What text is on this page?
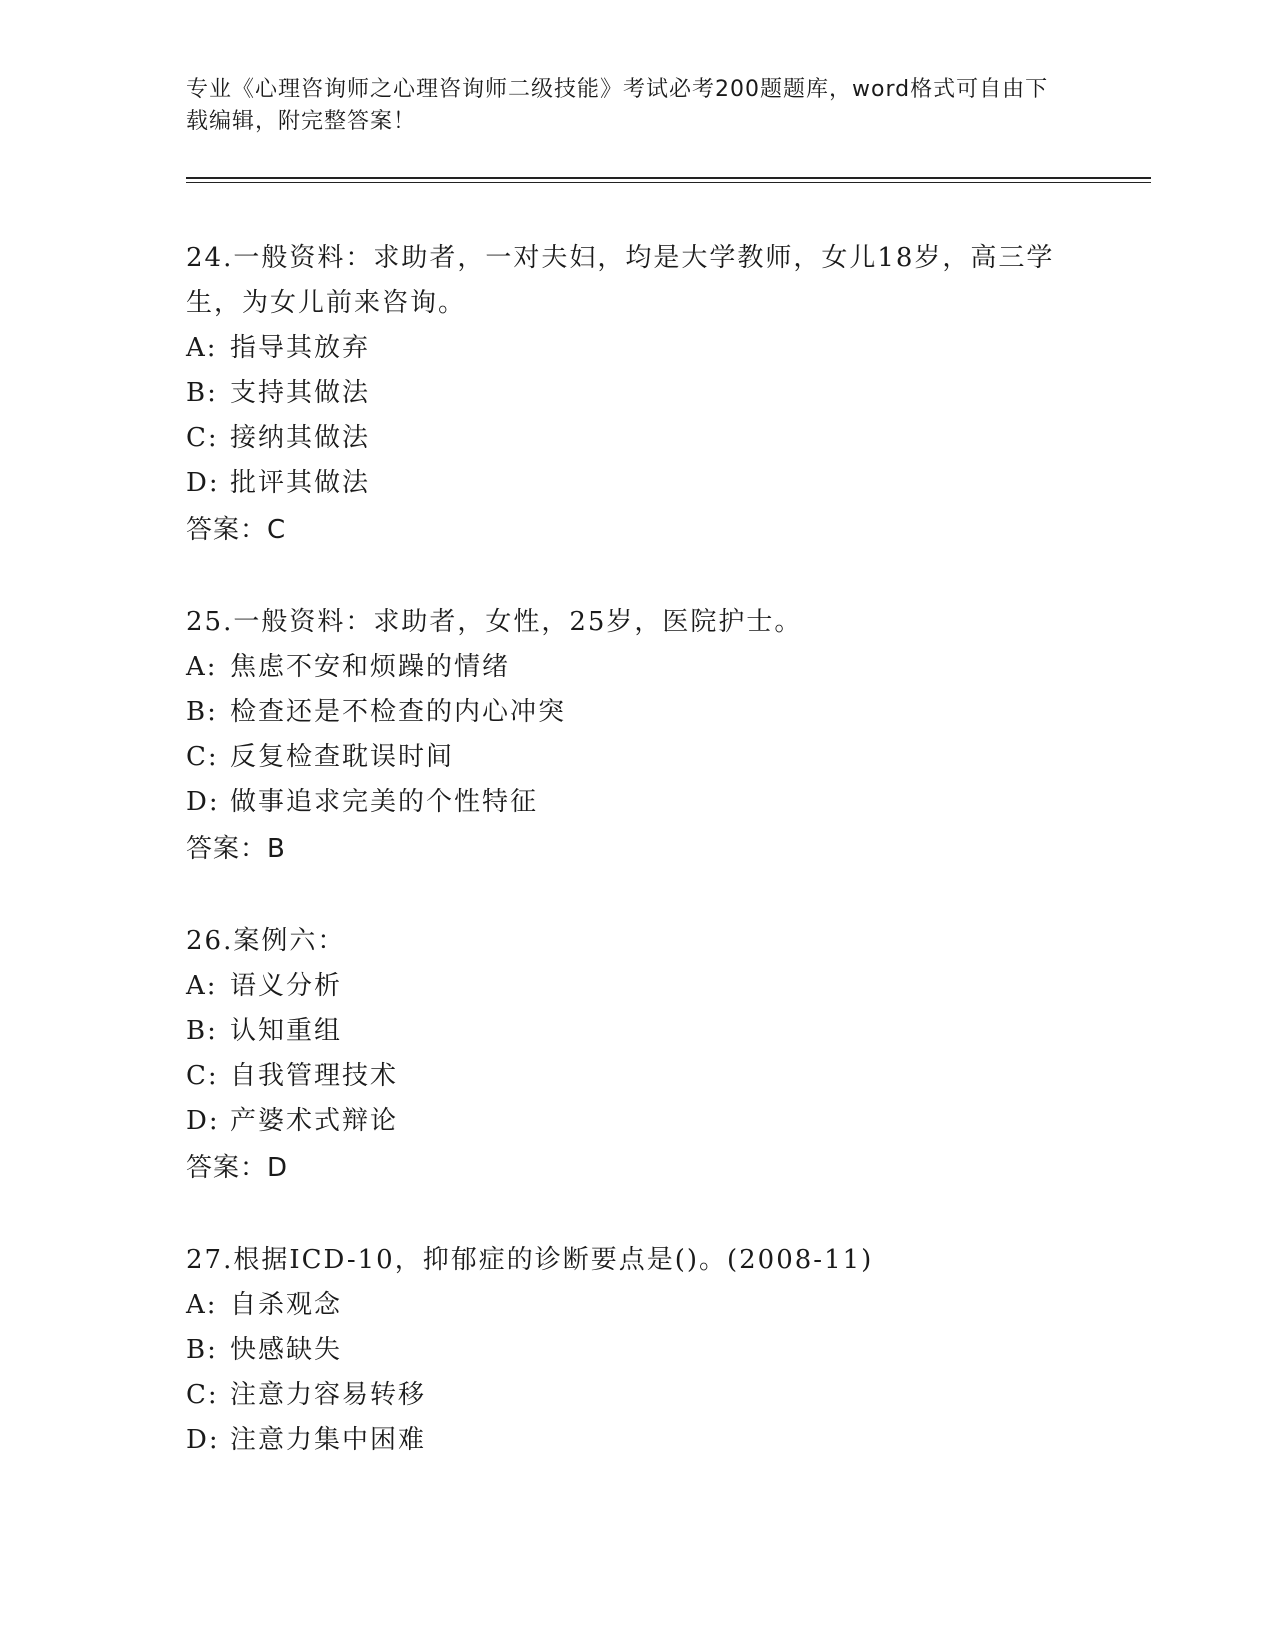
专业《心理咨询师之心理咨询师二级技能》考试必考200题题库，word格式可自由下载编辑，附完整答案！
24.一般资料：求助者，一对夫妇，均是大学教师，女儿18岁，高三学生，为女儿前来咨询。
A: 指导其放弃
B: 支持其做法
C: 接纳其做法
D: 批评其做法
答案：C
25.一般资料：求助者，女性，25岁，医院护士。
A: 焦虑不安和烦躁的情绪
B: 检查还是不检查的内心冲突
C: 反复检查耽误时间
D: 做事追求完美的个性特征
答案：B
26.案例六：
A: 语义分析
B: 认知重组
C: 自我管理技术
D: 产婆术式辩论
答案：D
27.根据ICD-10，抑郁症的诊断要点是()。(2008-11)
A: 自杀观念
B: 快感缺失
C: 注意力容易转移
D: 注意力集中困难
